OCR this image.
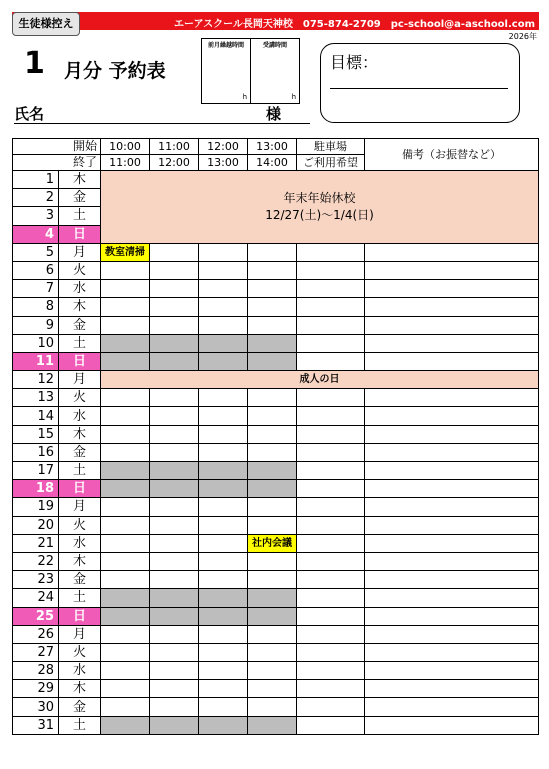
エーアスクール長岡天神校　075-874-2709　pc-school@a-aschool.com
生徒様控え
2026年
1 月分 予約表
前月繰越時間
h
受講時間
h
目標：
氏名	様
開始		10:00	11:00	12:00	13:00	駐車場	備考（お振替など）
終了		11:00	12:00	13:00	14:00	ご利用希望	
1	木	年末年始休校
12/27(土)〜1/4(日)					

2	金						
3	土						
4	日						
5	月	教室清掃					
6	火						
7	水						
8	木						
9	金						
10	土						
11	日						
12	月	成人の日					
13	火						
14	水						
15	木						
16	金						
17	土						
18	日						
19	月						
20	火						
21	水				社内会議		
22	木						
23	金						
24	土						
25	日						
26	月						
27	火						
28	水						
29	木						
30	金						
31	土						
